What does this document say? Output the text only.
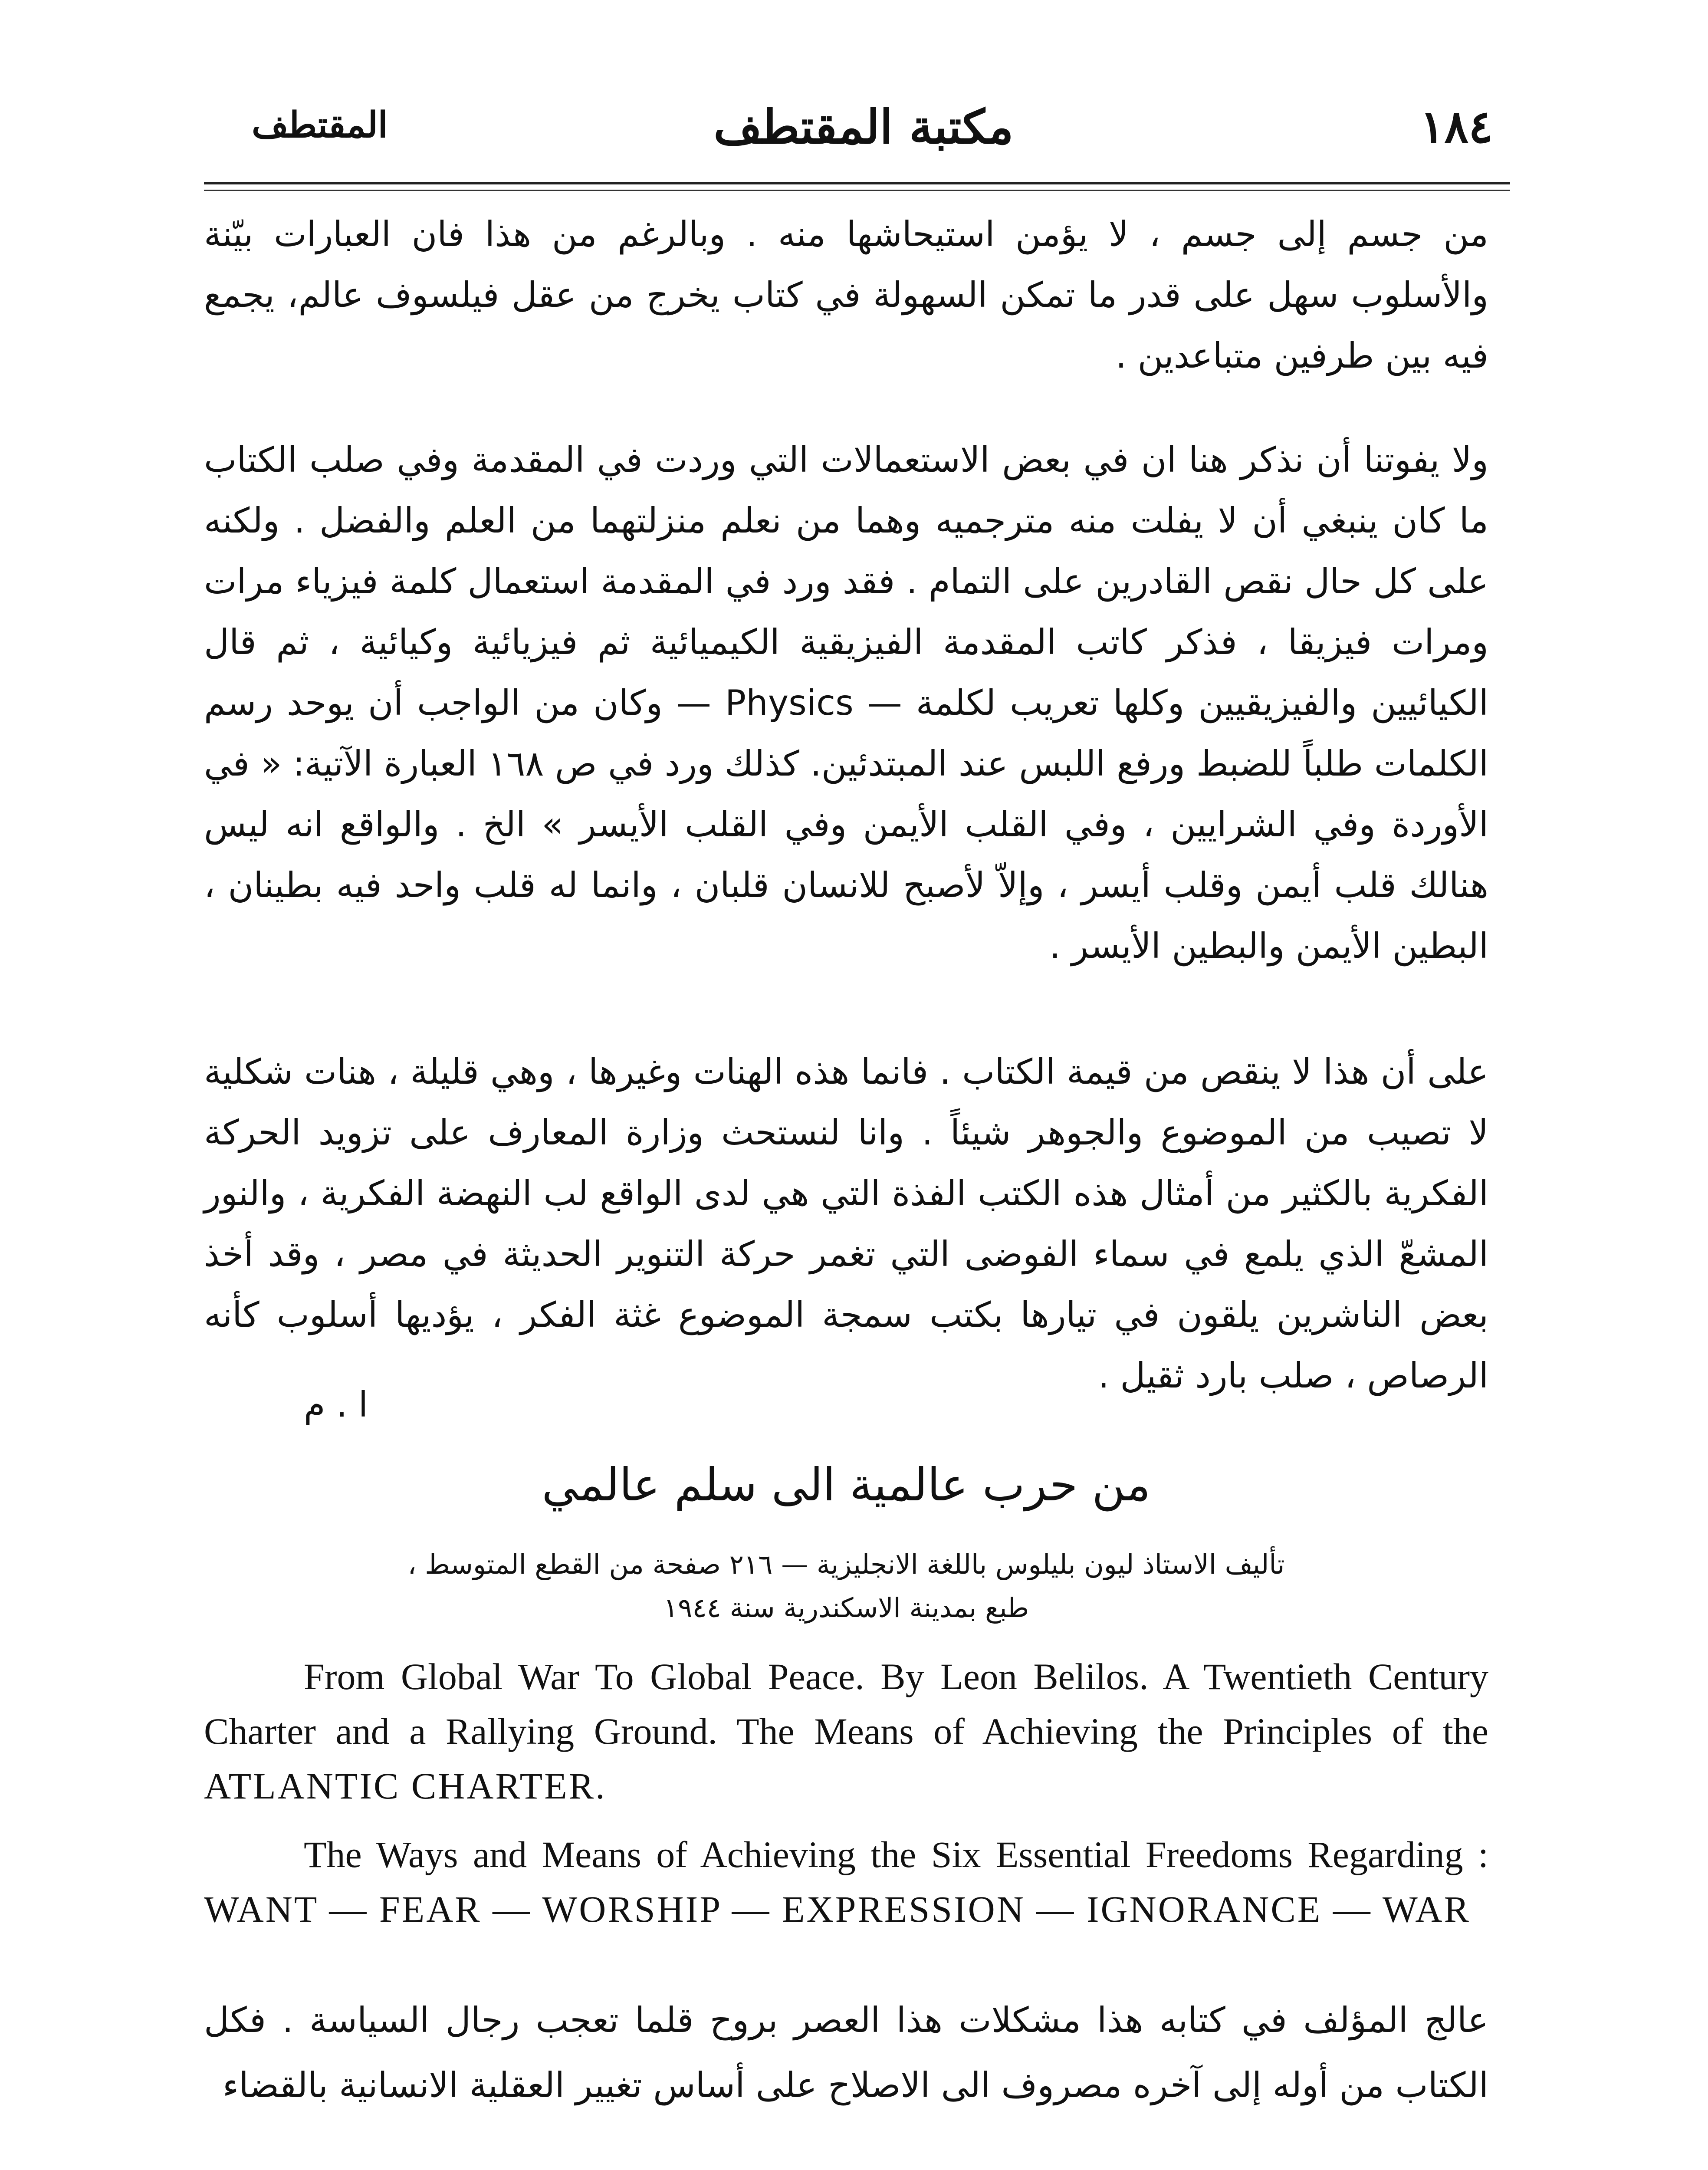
١٨٤
مكتبة المقتطف
المقتطف
من جسم إلى جسم ، لا يؤمن استيحاشها منه . وبالرغم من هذا فان العبارات بيّنة والأسلوب سهل على قدر ما تمكن السهولة في كتاب يخرج من عقل فيلسوف عالم، يجمع فيه بين طرفين متباعدين .
ولا يفوتنا أن نذكر هنا ان في بعض الاستعمالات التي وردت في المقدمة وفي صلب الكتاب ما كان ينبغي أن لا يفلت منه مترجميه وهما من نعلم منزلتهما من العلم والفضل . ولكنه على كل حال نقص القادرين على التمام . فقد ورد في المقدمة استعمال كلمة فيزياء مرات ومرات فيزيقا ، فذكر كاتب المقدمة الفيزيقية الكيميائية ثم فيزيائية وكيائية ، ثم قال الكيائيين والفيزيقيين وكلها تعريب لكلمة — Physics — وكان من الواجب أن يوحد رسم الكلمات طلباً للضبط ورفع اللبس عند المبتدئين. كذلك ورد في ص ١٦٨ العبارة الآتية: « في الأوردة وفي الشرايين ، وفي القلب الأيمن وفي القلب الأيسر » الخ . والواقع انه ليس هنالك قلب أيمن وقلب أيسر ، وإلاّ لأصبح للانسان قلبان ، وانما له قلب واحد فيه بطينان ، البطين الأيمن والبطين الأيسر .
على أن هذا لا ينقص من قيمة الكتاب . فانما هذه الهنات وغيرها ، وهي قليلة ، هنات شكلية لا تصيب من الموضوع والجوهر شيئاً . وانا لنستحث وزارة المعارف على تزويد الحركة الفكرية بالكثير من أمثال هذه الكتب الفذة التي هي لدى الواقع لب النهضة الفكرية ، والنور المشعّ الذي يلمع في سماء الفوضى التي تغمر حركة التنوير الحديثة في مصر ، وقد أخذ بعض الناشرين يلقون في تيارها بكتب سمجة الموضوع غثة الفكر ، يؤديها أسلوب كأنه الرصاص ، صلب بارد ثقيل .
ا . م
من حرب عالمية الى سلم عالمي
تأليف الاستاذ ليون بليلوس باللغة الانجليزية — ٢١٦ صفحة من القطع المتوسط ،
طبع بمدينة الاسكندرية سنة ١٩٤٤
From Global War To Global Peace. By Leon Belilos. A Twentieth Century Charter and a Rallying Ground. The Means of Achieving the Principles of the ATLANTIC CHARTER.
The Ways and Means of Achieving the Six Essential Freedoms Regarding : WANT — FEAR — WORSHIP — EXPRESSION — IGNORANCE — WAR
عالج المؤلف في كتابه هذا مشكلات هذا العصر بروح قلما تعجب رجال السياسة . فكل الكتاب من أوله إلى آخره مصروف الى الاصلاح على أساس تغيير العقلية الانسانية بالقضاء
